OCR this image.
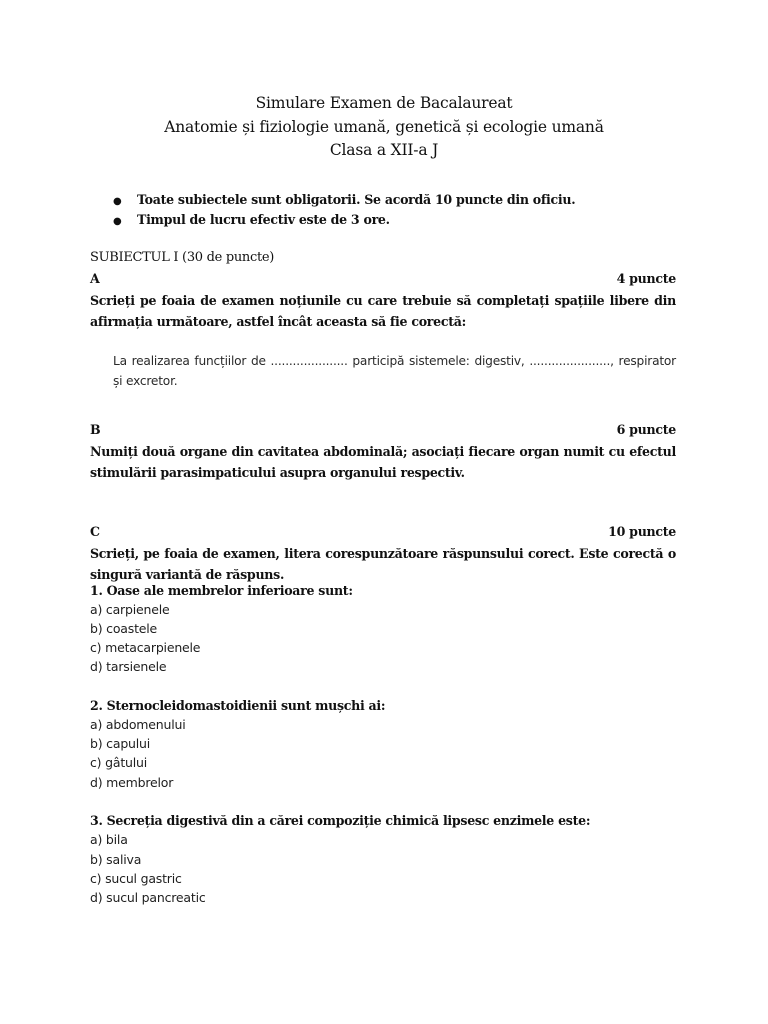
Simulare Examen de Bacalaureat
Anatomie și fiziologie umană, genetică și ecologie umană
Clasa a XII-a J
● Toate subiectele sunt obligatorii. Se acordă 10 puncte din oficiu.
● Timpul de lucru efectiv este de 3 ore.
SUBIECTUL I (30 de puncte)
A	4 puncte
Scrieți pe foaia de examen noțiunile cu care trebuie să completați spațiile libere din afirmația următoare, astfel încât aceasta să fie corectă:
La realizarea funcțiilor de ..................... participă sistemele: digestiv, ......................, respirator și excretor.
B	6 puncte
Numiți două organe din cavitatea abdominală; asociați fiecare organ numit cu efectul stimulării parasimpaticului asupra organului respectiv.
C	10 puncte
Scrieți, pe foaia de examen, litera corespunzătoare răspunsului corect. Este corectă o singură variantă de răspuns.
1. Oase ale membrelor inferioare sunt:
a) carpienele
b) coastele
c) metacarpienele
d) tarsienele
2. Sternocleidomastoidienii sunt mușchi ai:
a) abdomenului
b) capului
c) gâtului
d) membrelor
3. Secreția digestivă din a cărei compoziție chimică lipsesc enzimele este:
a) bila
b) saliva
c) sucul gastric
d) sucul pancreatic
